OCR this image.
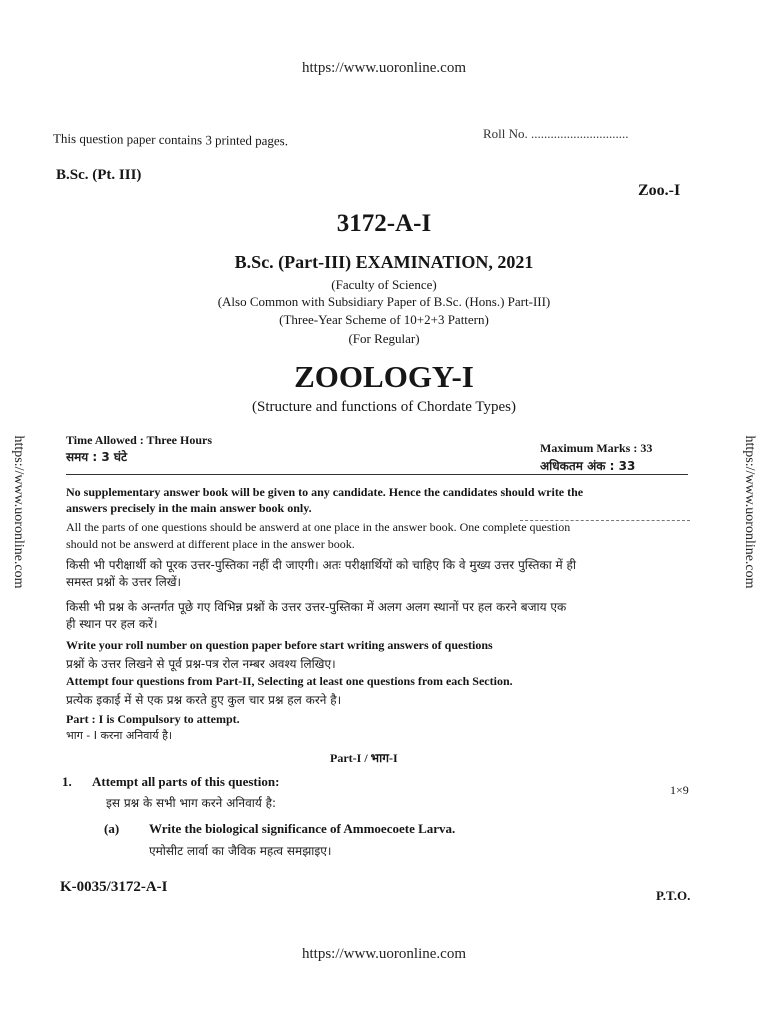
https://www.uoronline.com
https://www.uoronline.com	https://www.uoronline.com
This question paper contains 3 printed pages.	Roll No. ..............................
B.Sc. (Pt. III)
Zoo.-I
3172-A-I
B.Sc. (Part-III) EXAMINATION, 2021
(Faculty of Science)
(Also Common with Subsidiary Paper of B.Sc. (Hons.) Part-III)
(Three-Year Scheme of 10+2+3 Pattern)
(For Regular)
ZOOLOGY-I
(Structure and functions of Chordate Types)
Time Allowed : Three Hours
समय : 3 घंटे
Maximum Marks : 33
अधिकतम अंक : 33
No supplementary answer book will be given to any candidate. Hence the candidates should write the
answers precisely in the main answer book only.
All the parts of one questions should be answerd at one place in the answer book. One complete question
should not be answerd at different place in the answer book.
किसी भी परीक्षार्थी को पूरक उत्तर-पुस्तिका नहीं दी जाएगी। अतः परीक्षार्थियों को चाहिए कि वे मुख्य उत्तर पुस्तिका में ही
समस्त प्रश्नों के उत्तर लिखें।
किसी भी प्रश्न के अन्तर्गत पूछे गए विभिन्न प्रश्नों के उत्तर उत्तर-पुस्तिका में अलग अलग स्थानों पर हल करने बजाय एक
ही स्थान पर हल करें।
Write your roll number on question paper before start writing answers of questions
प्रश्नों के उत्तर लिखने से पूर्व प्रश्न-पत्र रोल नम्बर अवश्य लिखिए।
Attempt four questions from Part-II, Selecting at least one questions from each Section.
प्रत्येक इकाई में से एक प्रश्न करते हुए कुल चार प्रश्न हल करने है।
Part : I is Compulsory to attempt.
भाग - I करना अनिवार्य है।
Part-I / भाग-I
1. Attempt all parts of this question:
1×9
इस प्रश्न के सभी भाग करने अनिवार्य है:
(a) Write the biological significance of Ammoecoete Larva.
एमोसीट लार्वा का जैविक महत्व समझाइए।
K-0035/3172-A-I
P.T.O.
https://www.uoronline.com
